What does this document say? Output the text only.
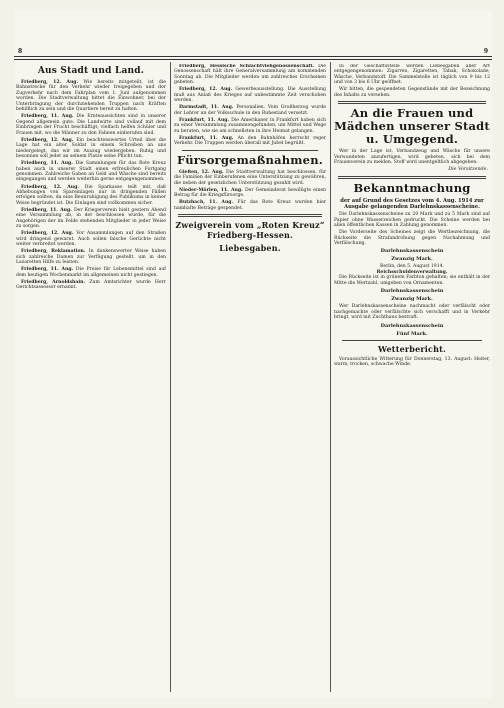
8	9
Aus Stadt und Land.
Friedberg, 12. Aug. Wie bereits mitgeteilt, ist die Bahnstrecke für den Verkehr wieder freigegeben und der Zugverkehr nach dem Fahrplan vom 1. Juni aufgenommen worden. Die Stadtverwaltung bittet die Einwohner, bei der Unterbringung der durchziehenden Truppen nach Kräften behilflich zu sein und die Quartiere bereit zu halten.
Friedberg, 11. Aug. Die Ernteaussichten sind in unserer Gegend allgemein gute. Die Landwirte sind vollauf mit dem Einbringen der Frucht beschäftigt; vielfach helfen Schüler und Frauen mit, wo die Männer zu den Fahnen einberufen sind.
Friedberg, 12. Aug. Ein beachtenswertes Urteil über die Lage hat ein alter Soldat in einem Schreiben an uns niedergelegt, das wir im Auszug wiedergeben. Ruhig und besonnen soll jeder an seinem Platze seine Pflicht tun.
Friedberg, 11. Aug. Die Sammlungen für das Rote Kreuz haben auch in unserer Stadt einen erfreulichen Fortgang genommen. Zahlreiche Gaben an Geld und Wäsche sind bereits eingegangen und werden weiterhin gerne entgegengenommen.
Friedberg, 12. Aug. Die Sparkasse teilt mit, daß Abhebungen von Spareinlagen nur in dringenden Fällen erfolgen sollten, da eine Beunruhigung des Publikums in keiner Weise begründet ist. Die Einlagen sind vollkommen sicher.
Friedberg, 11. Aug. Der Kriegerverein hielt gestern Abend eine Versammlung ab, in der beschlossen wurde, für die Angehörigen der im Felde stehenden Mitglieder in jeder Weise zu sorgen.
Friedberg, 12. Aug. Vor Ansammlungen auf den Straßen wird dringend gewarnt. Auch sollen falsche Gerüchte nicht weiter verbreitet werden.
Friedberg, Reklamation. In dankenswerter Weise haben sich zahlreiche Damen zur Verfügung gestellt, um in den Lazaretten Hilfe zu leisten.
Friedberg, 11. Aug. Die Preise für Lebensmittel sind auf dem heutigen Wochenmarkt im allgemeinen nicht gestiegen.
Friedberg, Arnoldshain. Zum Amtsrichter wurde Herr Gerichtsassessor ernannt.
Friedberg, Hessische Schlachtviehgenossenschaft. Die Genossenschaft hält ihre Generalversammlung am kommenden Sonntag ab. Die Mitglieder werden um zahlreiches Erscheinen gebeten.
Friedberg, 12. Aug. Gewerbeausstellung. Die Ausstellung muß aus Anlaß des Krieges auf unbestimmte Zeit verschoben werden.
Darmstadt, 11. Aug. Personalien. Vom Großherzog wurde der Lehrer an der Volksschule in den Ruhestand versetzt.
Frankfurt, 11. Aug. Die Amerikaner in Frankfurt haben sich zu einer Versammlung zusammengefunden, um Mittel und Wege zu beraten, wie sie am schnellsten in ihre Heimat gelangen.
Frankfurt, 11. Aug. An den Bahnhöfen herrscht reger Verkehr. Die Truppen werden überall mit Jubel begrüßt.
Fürsorgemaßnahmen.
Gießen, 12. Aug. Die Stadtverwaltung hat beschlossen, für die Familien der Einberufenen eine Unterstützung zu gewähren, die neben der gesetzlichen Unterstützung gezahlt wird.
Nieder-Mörlen, 11. Aug. Der Gemeinderat bewilligte einen Betrag für die Kriegsfürsorge.
Butzbach, 11. Aug. Für das Rote Kreuz wurden hier namhafte Beträge gespendet.
Zweigverein vom „Roten Kreuz“ Friedberg-Hessen.
Liebesgaben.
In der Geschäftsstelle werden Liebesgaben aller Art entgegengenommen: Zigarren, Zigaretten, Tabak, Schokolade, Wäsche, Verbandstoff. Die Sammelstelle ist täglich von 9 bis 12 und von 3 bis 6 Uhr geöffnet.
Wir bitten, die gespendeten Gegenstände mit der Bezeichnung des Inhalts zu versehen.
An die Frauen und Mädchen unserer Stadt u. Umgegend.
Wer in der Lage ist, Verbandzeug und Wäsche für unsere Verwundeten anzufertigen, wird gebeten, sich bei dem Frauenverein zu melden. Stoff wird unentgeltlich abgegeben.
Die Vorsitzende.
Bekanntmachung
der auf Grund des Gesetzes vom 4. Aug. 1914 zur Ausgabe gelangenden Darlehnskassenscheine.
Die Darlehnskassenscheine zu 20 Mark und zu 5 Mark sind auf Papier ohne Wasserzeichen gedruckt. Die Scheine werden bei allen öffentlichen Kassen in Zahlung genommen.
Die Vorderseite des Scheines zeigt die Wertbezeichnung, die Rückseite die Strafandrohung gegen Nachahmung und Verfälschung.
Darlehnskassenschein
Zwanzig Mark.
Berlin, den 5. August 1914.
Reichsschuldenverwaltung.
Die Rückseite ist in grünem Farbton gehalten; sie enthält in der Mitte die Wertzahl, umgeben von Ornamenten.
Darlehnskassenschein
Zwanzig Mark.
Wer Darlehnskassenscheine nachmacht oder verfälscht oder nachgemachte oder verfälschte sich verschafft und in Verkehr bringt, wird mit Zuchthaus bestraft.
Darlehnskassenschein
Fünf Mark.
Wetterbericht.
Voraussichtliche Witterung für Donnerstag, 13. August: Heiter, warm, trocken, schwache Winde.
